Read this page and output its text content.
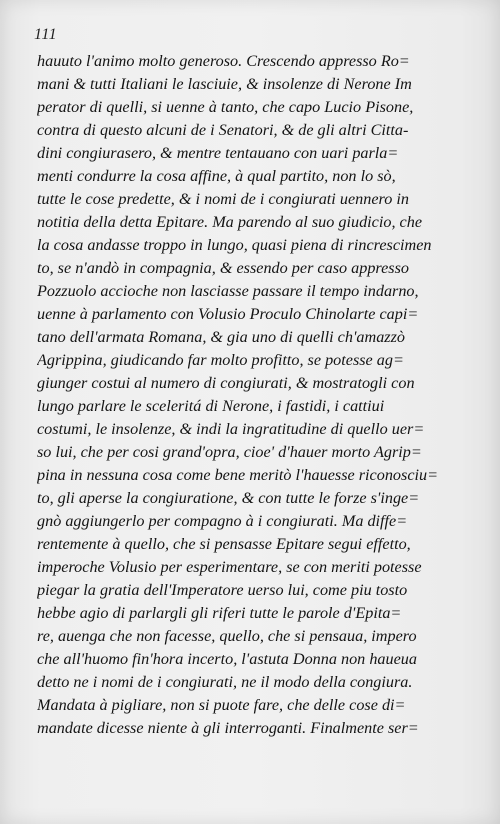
111
hauuto l'animo molto generoso. Crescendo appresso Ro=
mani & tutti Italiani le lasciuie, & insolenze di Nerone Im
perator di quelli, si uenne à tanto, che capo Lucio Pisone,
contra di questo alcuni de i Senatori, & de gli altri Citta-
dini congiurasero, & mentre tentauano con uari parla=
menti condurre la cosa affine, à qual partito, non lo sò,
tutte le cose predette, & i nomi de i congiurati uennero in
notitia della detta Epitare. Ma parendo al suo giudicio, che
la cosa andasse troppo in lungo, quasi piena di rincrescimen
to, se n'andò in compagnia, & essendo per caso appresso
Pozzuolo accioche non lasciasse passare il tempo indarno,
uenne à parlamento con Volusio Proculo Chinolarte capi=
tano dell'armata Romana, & gia uno di quelli ch'amazzò
Agrippina, giudicando far molto profitto, se potesse ag=
giunger costui al numero di congiurati, & mostratogli con
lungo parlare le sceleritá di Nerone, i fastidi, i cattiui
costumi, le insolenze, & indi la ingratitudine di quello uer=
so lui, che per cosi grand'opra, cioe' d'hauer morto Agrip=
pina in nessuna cosa come bene meritò l'hauesse riconosciu=
to, gli aperse la congiuratione, & con tutte le forze s'inge=
gnò aggiungerlo per compagno à i congiurati. Ma diffe=
rentemente à quello, che si pensasse Epitare segui effetto,
imperoche Volusio per esperimentare, se con meriti potesse
piegar la gratia dell'Imperatore uerso lui, come piu tosto
hebbe agio di parlargli gli riferi tutte le parole d'Epita=
re, auenga che non facesse, quello, che si pensaua, impero
che all'huomo fin'hora incerto, l'astuta Donna non haueua
detto ne i nomi de i congiurati, ne il modo della congiura.
Mandata à pigliare, non si puote fare, che delle cose di=
mandate dicesse niente à gli interroganti. Finalmente ser=
